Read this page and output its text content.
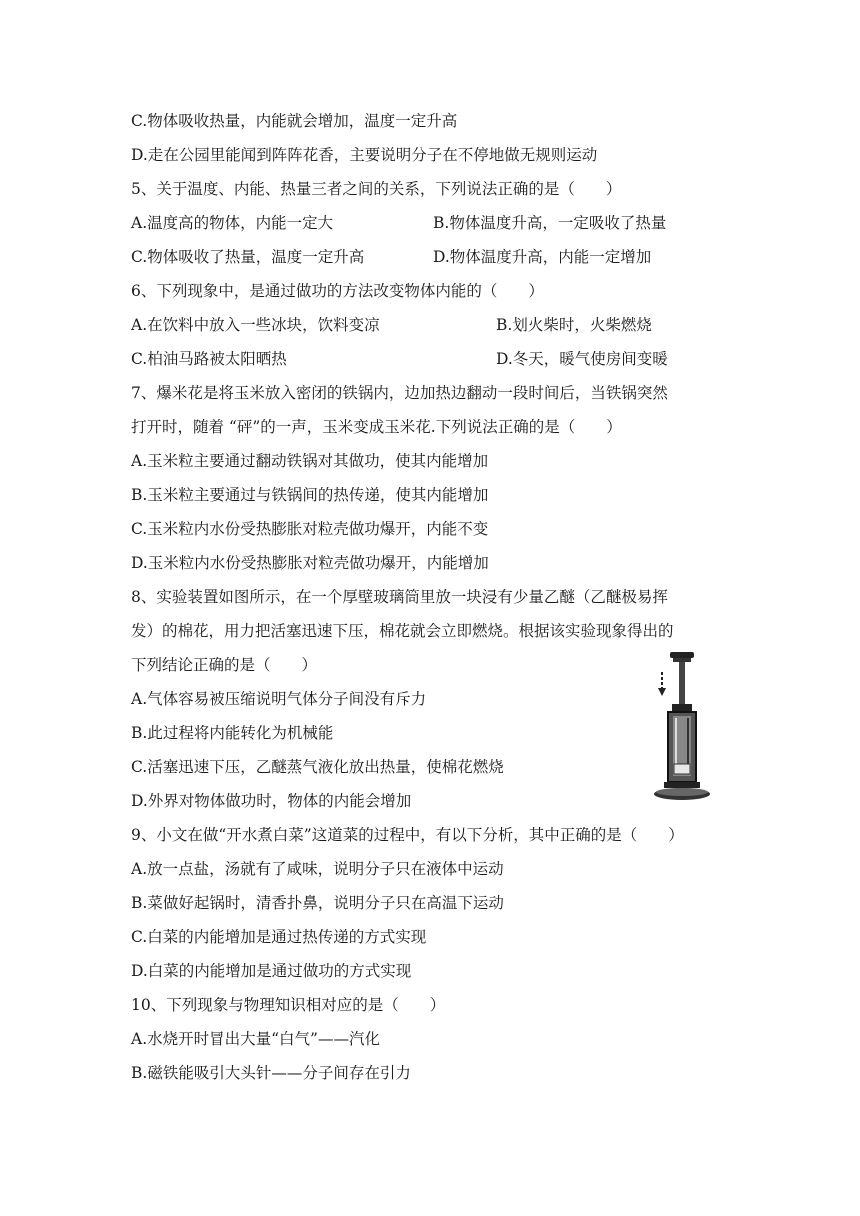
C.物体吸收热量，内能就会增加，温度一定升高
D.走在公园里能闻到阵阵花香，主要说明分子在不停地做无规则运动
5、关于温度、内能、热量三者之间的关系，下列说法正确的是（　　）
A.温度高的物体，内能一定大	B.物体温度升高，一定吸收了热量
C.物体吸收了热量，温度一定升高	D.物体温度升高，内能一定增加
6、下列现象中，是通过做功的方法改变物体内能的（　　）
A.在饮料中放入一些冰块，饮料变凉	B.划火柴时，火柴燃烧
C.柏油马路被太阳晒热	D.冬天，暖气使房间变暖
7、爆米花是将玉米放入密闭的铁锅内，边加热边翻动一段时间后，当铁锅突然
打开时，随着 “砰”的一声，玉米变成玉米花.下列说法正确的是（　　）
A.玉米粒主要通过翻动铁锅对其做功，使其内能增加
B.玉米粒主要通过与铁锅间的热传递，使其内能增加
C.玉米粒内水份受热膨胀对粒壳做功爆开，内能不变
D.玉米粒内水份受热膨胀对粒壳做功爆开，内能增加
8、实验装置如图所示，在一个厚壁玻璃筒里放一块浸有少量乙醚（乙醚极易挥
发）的棉花，用力把活塞迅速下压，棉花就会立即燃烧。根据该实验现象得出的
下列结论正确的是（　　）
A.气体容易被压缩说明气体分子间没有斥力
B.此过程将内能转化为机械能
C.活塞迅速下压，乙醚蒸气液化放出热量，使棉花燃烧
D.外界对物体做功时，物体的内能会增加
9、小文在做“开水煮白菜”这道菜的过程中，有以下分析，其中正确的是（　　）
A.放一点盐，汤就有了咸味，说明分子只在液体中运动
B.菜做好起锅时，清香扑鼻，说明分子只在高温下运动
C.白菜的内能增加是通过热传递的方式实现
D.白菜的内能增加是通过做功的方式实现
10、下列现象与物理知识相对应的是（　　）
A.水烧开时冒出大量“白气”——汽化
B.磁铁能吸引大头针——分子间存在引力
